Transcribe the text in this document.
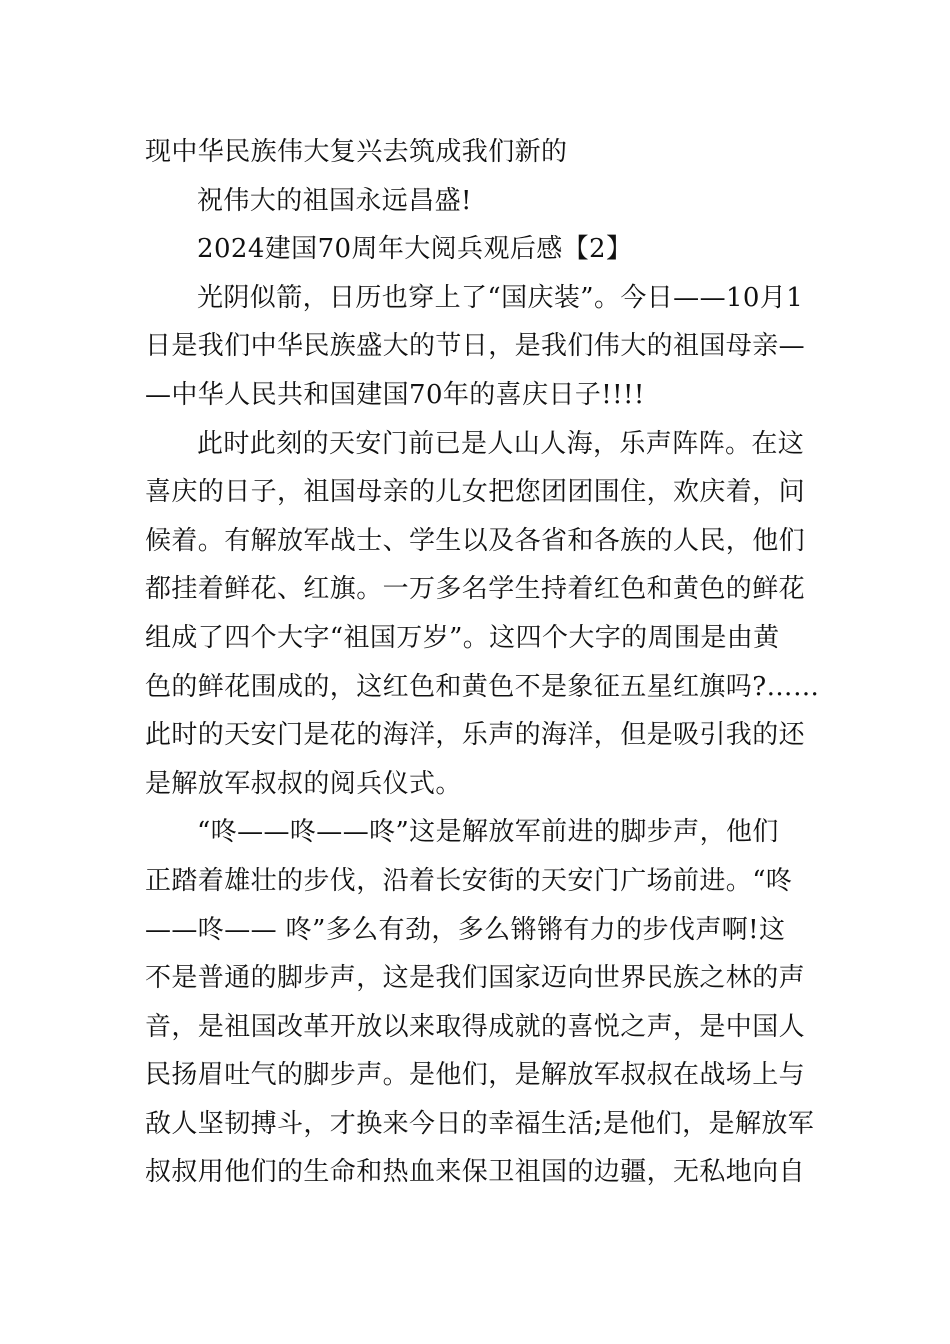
现中华民族伟大复兴去筑成我们新的
祝伟大的祖国永远昌盛!
2024建国70周年大阅兵观后感【2】
光阴似箭，日历也穿上了“国庆装”。今日——10月1
日是我们中华民族盛大的节日，是我们伟大的祖国母亲—
—中华人民共和国建国70年的喜庆日子!!!!
此时此刻的天安门前已是人山人海，乐声阵阵。在这
喜庆的日子，祖国母亲的儿女把您团团围住，欢庆着，问
候着。有解放军战士、学生以及各省和各族的人民，他们
都挂着鲜花、红旗。一万多名学生持着红色和黄色的鲜花
组成了四个大字“祖国万岁”。这四个大字的周围是由黄
色的鲜花围成的，这红色和黄色不是象征五星红旗吗?……
此时的天安门是花的海洋，乐声的海洋，但是吸引我的还
是解放军叔叔的阅兵仪式。
“咚——咚——咚”这是解放军前进的脚步声，他们
正踏着雄壮的步伐，沿着长安街的天安门广场前进。“咚
——咚—— 咚”多么有劲，多么锵锵有力的步伐声啊!这
不是普通的脚步声，这是我们国家迈向世界民族之林的声
音，是祖国改革开放以来取得成就的喜悦之声，是中国人
民扬眉吐气的脚步声。是他们，是解放军叔叔在战场上与
敌人坚韧搏斗，才换来今日的幸福生活;是他们，是解放军
叔叔用他们的生命和热血来保卫祖国的边疆，无私地向自
